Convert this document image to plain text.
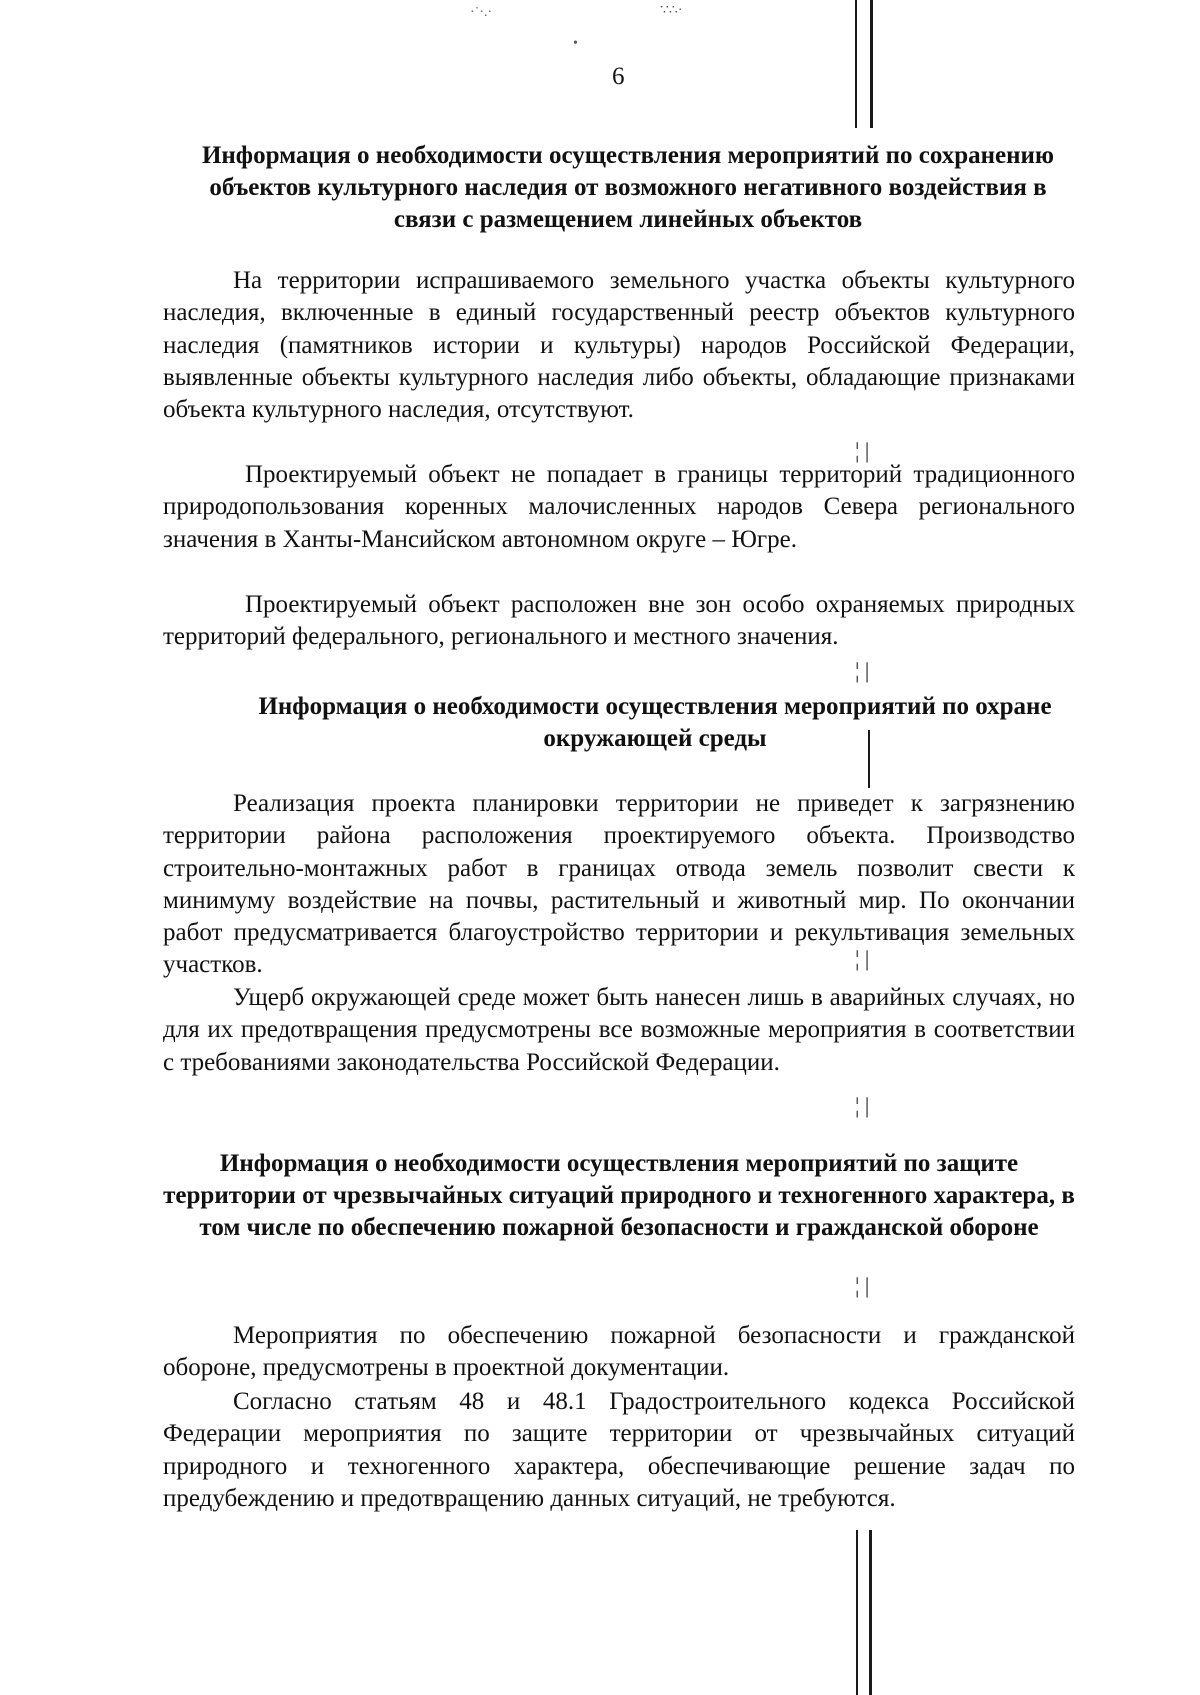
·˙·.·	∵∴·
•
¦ |
¦ |
¦ |
¦ |
¦ |
6
Информация о необходимости осуществления мероприятий по сохранению объектов культурного наследия от возможного негативного воздействия в связи с размещением линейных объектов

На территории испрашиваемого земельного участка объекты культурного наследия, включенные в единый государственный реестр объектов культурного наследия (памятников истории и культуры) народов Российской Федерации, выявленные объекты культурного наследия либо объекты, обладающие признаками объекта культурного наследия, отсутствуют.

Проектируемый объект не попадает в границы территорий традиционного природопользования коренных малочисленных народов Севера регионального значения в Ханты-Мансийском автономном округе – Югре.

Проектируемый объект расположен вне зон особо охраняемых природных территорий федерального, регионального и местного значения.

Информация о необходимости осуществления мероприятий по охране окружающей среды

Реализация проекта планировки территории не приведет к загрязнению территории района расположения проектируемого объекта. Производство строительно-монтажных работ в границах отвода земель позволит свести к минимуму воздействие на почвы, растительный и животный мир. По окончании работ предусматривается благоустройство территории и рекультивация земельных участков.

Ущерб окружающей среде может быть нанесен лишь в аварийных случаях, но для их предотвращения предусмотрены все возможные мероприятия в соответствии с требованиями законодательства Российской Федерации.

Информация о необходимости осуществления мероприятий по защите территории от чрезвычайных ситуаций природного и техногенного характера, в том числе по обеспечению пожарной безопасности и гражданской обороне

Мероприятия по обеспечению пожарной безопасности и гражданской обороне, предусмотрены в проектной документации.

Согласно статьям 48 и 48.1 Градостроительного кодекса Российской Федерации мероприятия по защите территории от чрезвычайных ситуаций природного и техногенного характера, обеспечивающие решение задач по предубеждению и предотвращению данных ситуаций, не требуются.
